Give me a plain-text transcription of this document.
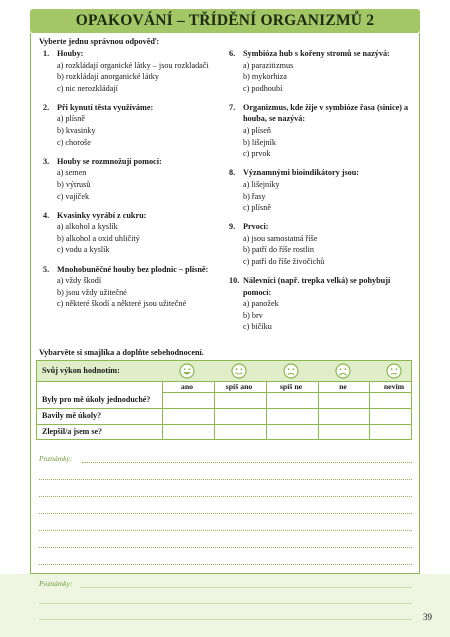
OPAKOVÁNÍ – TŘÍDĚNÍ ORGANIZMŮ 2
Vyberte jednu správnou odpověď:
1. Houby:
a) rozkládají organické látky – jsou rozkladači
b) rozkládají anorganické látky
c) nic nerozkládají
2. Při kynutí těsta využíváme:
a) plísně
b) kvasinky
c) choroše
3. Houby se rozmnožují pomocí:
a) semen
b) výtrusů
c) vajíček
4. Kvasinky vyrábí z cukru:
a) alkohol a kyslík
b) alkohol a oxid uhličitý
c) vodu a kyslík
5. Mnohobuněčné houby bez plodnic – plísně:
a) vždy škodí
b) jsou vždy užitečné
c) některé škodí a některé jsou užitečné
6. Symbióza hub s kořeny stromů se nazývá:
a) parazitizmus
b) mykorhiza
c) podhoubí
7. Organizmus, kde žije v symbióze řasa (sinice) a houba, se nazývá:
a) plíseň
b) lišejník
c) prvok
8. Významnými bioindikátory jsou:
a) lišejníky
b) řasy
c) plísně
9. Prvoci:
a) jsou samostatná říše
b) patří do říše rostlin
c) patří do říše živočichů
10. Nálevníci (např. trepka velká) se pohybují pomocí:
a) panožek
b) brv
c) bičíku
Vybarvěte si smajlíka a doplňte sebehodnocení.
Svůj výkon hodnotím:
ano	spíš ano	spíš ne	ne	nevím
Byly pro mě úkoly jednoduché?
Bavily mě úkoly?
Zlepšil/a jsem se?
Poznámky:
Poznámky:
39
